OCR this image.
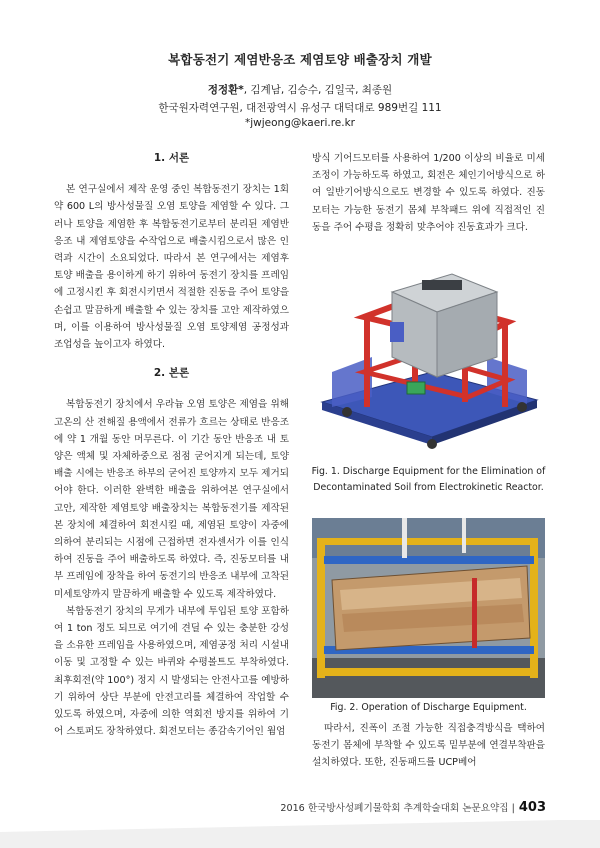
복합동전기 제염반응조 제염토양 배출장치 개발
정정환*, 김계남, 김승수, 김일국, 최종원
한국원자력연구원, 대전광역시 유성구 대덕대로 989번길 111
*jwjeong@kaeri.re.kr

1. 서론

본 연구실에서 제작 운영 중인 복합동전기 장치는 1회 약 600 L의 방사성물질 오염 토양을 제염할 수 있다. 그러나 토양을 제염한 후 복합동전기로부터 분리된 제염반응조 내 제염토양을 수작업으로 배출시킴으로서 많은 인력과 시간이 소요되었다. 따라서 본 연구에서는 제염후 토양 배출을 용이하게 하기 위하여 동전기 장치를 프레임에 고정시킨 후 회전시키면서 적절한 진동을 주어 토양을 손쉽고 말끔하게 배출할 수 있는 장치를 고안 제작하였으며, 이를 이용하여 방사성물질 오염 토양제염 공정성과 조업성을 높이고자 하였다.

2. 본론

복합동전기 장치에서 우라늄 오염 토양은 제염을 위해 고온의 산 전해질 용액에서 전류가 흐르는 상태로 반응조에 약 1 개월 동안 머무른다. 이 기간 동안 반응조 내 토양은 액체 및 자체하중으로 점점 굳어지게 되는데, 토양 배출 시에는 반응조 하부의 굳어진 토양까지 모두 제거되어야 한다. 이러한 완벽한 배출을 위하여본 연구실에서 고안, 제작한 제염토양 배출장치는 복합동전기를 제작된 본 장치에 체결하여 회전시킬 때, 제염된 토양이 자중에 의하여 분리되는 시점에 근접하면 전자센서가 이를 인식하여 진동을 주어 배출하도록 하였다. 즉, 진동모터를 내부 프레임에 장착을 하여 동전기의 반응조 내부에 고착된 미세토양까지 말끔하게 배출할 수 있도록 제작하였다.

복합동전기 장치의 무게가 내부에 투입된 토양 포함하여 1 ton 정도 되므로 여기에 견딜 수 있는 충분한 강성을 소유한 프레임을 사용하였으며, 제염공정 처리 시설내 이동 및 고정할 수 있는 바퀴와 수평볼트도 부착하였다. 최후회전(약 100°) 정지 시 발생되는 안전사고를 예방하기 위하여 상단 부분에 안전고리를 체결하여 작업할 수 있도록 하였으며, 자중에 의한 역회전 방지를 위하여 기어 스토퍼도 장착하였다. 회전모터는 종감속기어인 웜엄

방식 기어드모터를 사용하여 1/200 이상의 비율로 미세조정이 가능하도록 하였고, 회전은 체인기어방식으로 하여 일반기어방식으로도 변경할 수 있도록 하였다. 진동모터는 가능한 동전기 몸체 부착패드 위에 직접적인 진동을 주어 수평을 정확히 맞추어야 진동효과가 크다.

Fig. 1. Discharge Equipment for the Elimination of Decontaminated Soil from Electrokinetic Reactor.
Fig. 2. Operation of Discharge Equipment.

따라서, 진폭이 조절 가능한 직접충격방식을 택하여 동전기 몸체에 부착할 수 있도록 밑부분에 연결부착판을 설치하였다. 또한, 진동패드를 UCP베어

2016 한국방사성폐기물학회 추계학술대회 논문요약집 | 403
